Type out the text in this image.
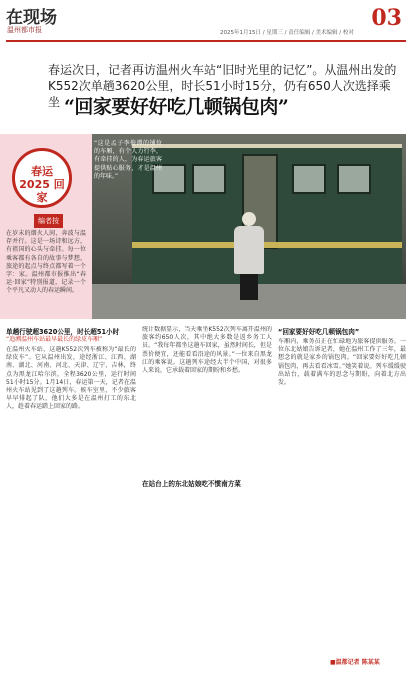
在现场
温州都市报	2025年1月15日 / 星期三 / 责任编辑 / 美术编辑 / 校对
03
春运次日，记者再访温州火车站“旧时光里的记忆”。从温州出发的K552次单趟3620公里，时长51小时15分，仍有650人次选择乘坐 “回家要好好吃几顿锅包肉”
春运 2025 回家
编者按
在岁末的烟火人间，奔波与温存并行。这是一场诗和远方，有祖国的心头与牵挂。每一位乘客都有各自的故事与梦想，旅途的起点与终点都写着一个字：家。温州都市报推出“春运·回家”特别报道，记录一个个平凡又动人的春运瞬间。
“这是孟子李俊潭的铺位的车厢，有个人力行李，有牵挂的人，为春运旅客提供贴心服务，才是温州的年味。”
单趟行驶超3620公里，时长超51小时
“追溯温州车站最早最长的绿皮车厢”
在温州火车站，这趟K552次列车被称为“最长的绿皮车”。它从温州出发，途经浙江、江西、湖南、湖北、河南、河北、天津、辽宁、吉林，终点为黑龙江哈尔滨，全程3620公里，运行时间51小时15分。1月14日，春运第一天，记者在温州火车站见到了这趟列车。候车室里，不少旅客早早排起了队，他们大多是在温州打工的东北人，趁着春运踏上回家的路。
在站台上的东北姑娘吃不惯南方菜
统计数据显示，当天乘坐K552次列车离开温州的旅客约650人次，其中绝大多数是返乡务工人员。“我每年都坐这趟车回家，虽然时间长，但是票价便宜，还能看看沿途的风景。”一位来自黑龙江的乘客说。这趟列车途经大半个中国，对很多人来说，它承载着回家的期盼和乡愁。
“回家要好好吃几顿锅包肉”
车厢内，乘务员正在忙碌地为旅客提供服务。一位东北姑娘告诉记者，她在温州工作了三年，最想念的就是家乡的锅包肉。“回家要好好吃几顿锅包肉，再去看看冰雪。”她笑着说。列车缓缓驶出站台，载着满车的思念与期盼，向着北方出发。
■温都记者 陈某某
